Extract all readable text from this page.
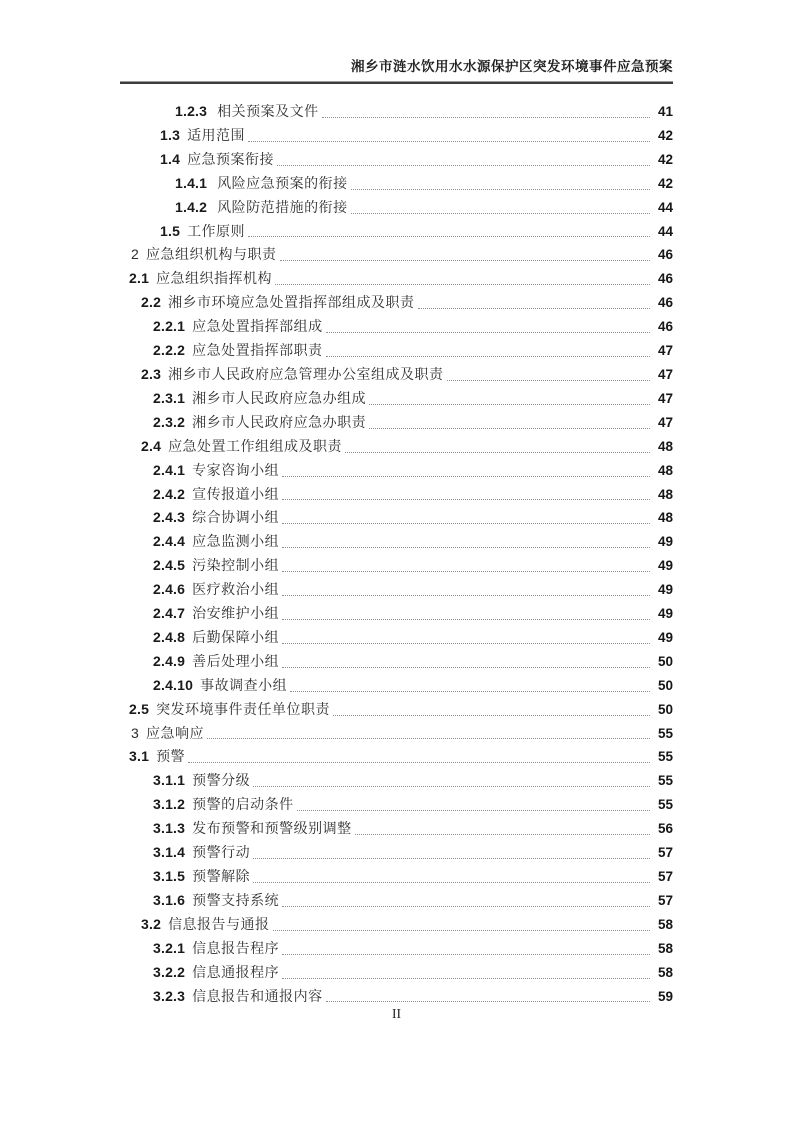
湘乡市涟水饮用水水源保护区突发环境事件应急预案
1.2.3 相关预案及文件	41
1.3 适用范围	42
1.4 应急预案衔接	42
1.4.1 风险应急预案的衔接	42
1.4.2 风险防范措施的衔接	44
1.5 工作原则	44
2 应急组织机构与职责	46
2.1 应急组织指挥机构	46
2.2 湘乡市环境应急处置指挥部组成及职责	46
2.2.1 应急处置指挥部组成	46
2.2.2 应急处置指挥部职责	47
2.3 湘乡市人民政府应急管理办公室组成及职责	47
2.3.1 湘乡市人民政府应急办组成	47
2.3.2 湘乡市人民政府应急办职责	47
2.4 应急处置工作组组成及职责	48
2.4.1 专家咨询小组	48
2.4.2 宣传报道小组	48
2.4.3 综合协调小组	48
2.4.4 应急监测小组	49
2.4.5 污染控制小组	49
2.4.6 医疗救治小组	49
2.4.7 治安维护小组	49
2.4.8 后勤保障小组	49
2.4.9 善后处理小组	50
2.4.10 事故调查小组	50
2.5 突发环境事件责任单位职责	50
3 应急响应	55
3.1 预警	55
3.1.1 预警分级	55
3.1.2 预警的启动条件	55
3.1.3 发布预警和预警级别调整	56
3.1.4 预警行动	57
3.1.5 预警解除	57
3.1.6 预警支持系统	57
3.2 信息报告与通报	58
3.2.1 信息报告程序	58
3.2.2 信息通报程序	58
3.2.3 信息报告和通报内容	59
II
